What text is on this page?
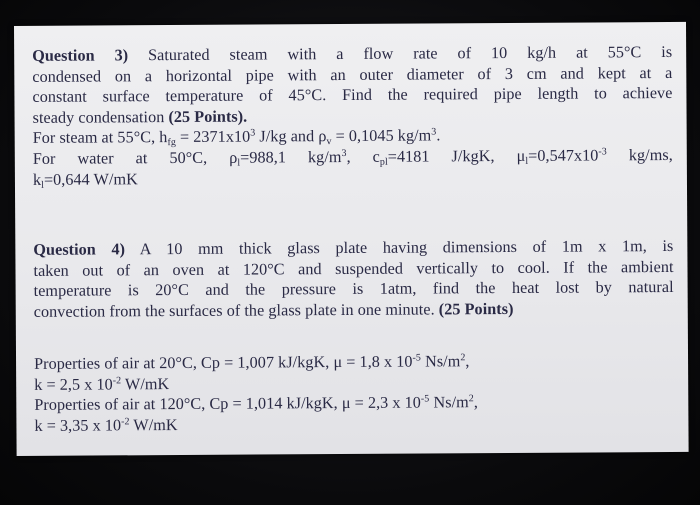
Question 3) Saturated steam with a flow rate of 10 kg/h at 55°C is
condensed on a horizontal pipe with an outer diameter of 3 cm and kept at a
constant surface temperature of 45°C. Find the required pipe length to achieve
steady condensation (25 Points).
For steam at 55°C, $h_{fg} = 2371x10^3$ J/kg and $\rho_v = 0,1045$ $kg/m^3$.
For water at 50°C, $\rho_l=988,1$ $kg/m^3$, $c_{pl}=4181$ J/kgK, $\mu_l=0,547x10^{-3}$ kg/ms,
$k_l=0,644$ W/mK
Question 4) A 10 mm thick glass plate having dimensions of 1m x 1m, is
taken out of an oven at 120°C and suspended vertically to cool. If the ambient
temperature is 20°C and the pressure is 1atm, find the heat lost by natural
convection from the surfaces of the glass plate in one minute. (25 Points)
Properties of air at 20°C, Cp = 1,007 kJ/kgK, μ = 1,8 x $10^{-5}$ $Ns/m^2$,
k = 2,5 x $10^{-2}$ W/mK
Properties of air at 120°C, Cp = 1,014 kJ/kgK, μ = 2,3 x $10^{-5}$ $Ns/m^2$,
k = 3,35 x $10^{-2}$ W/mK
